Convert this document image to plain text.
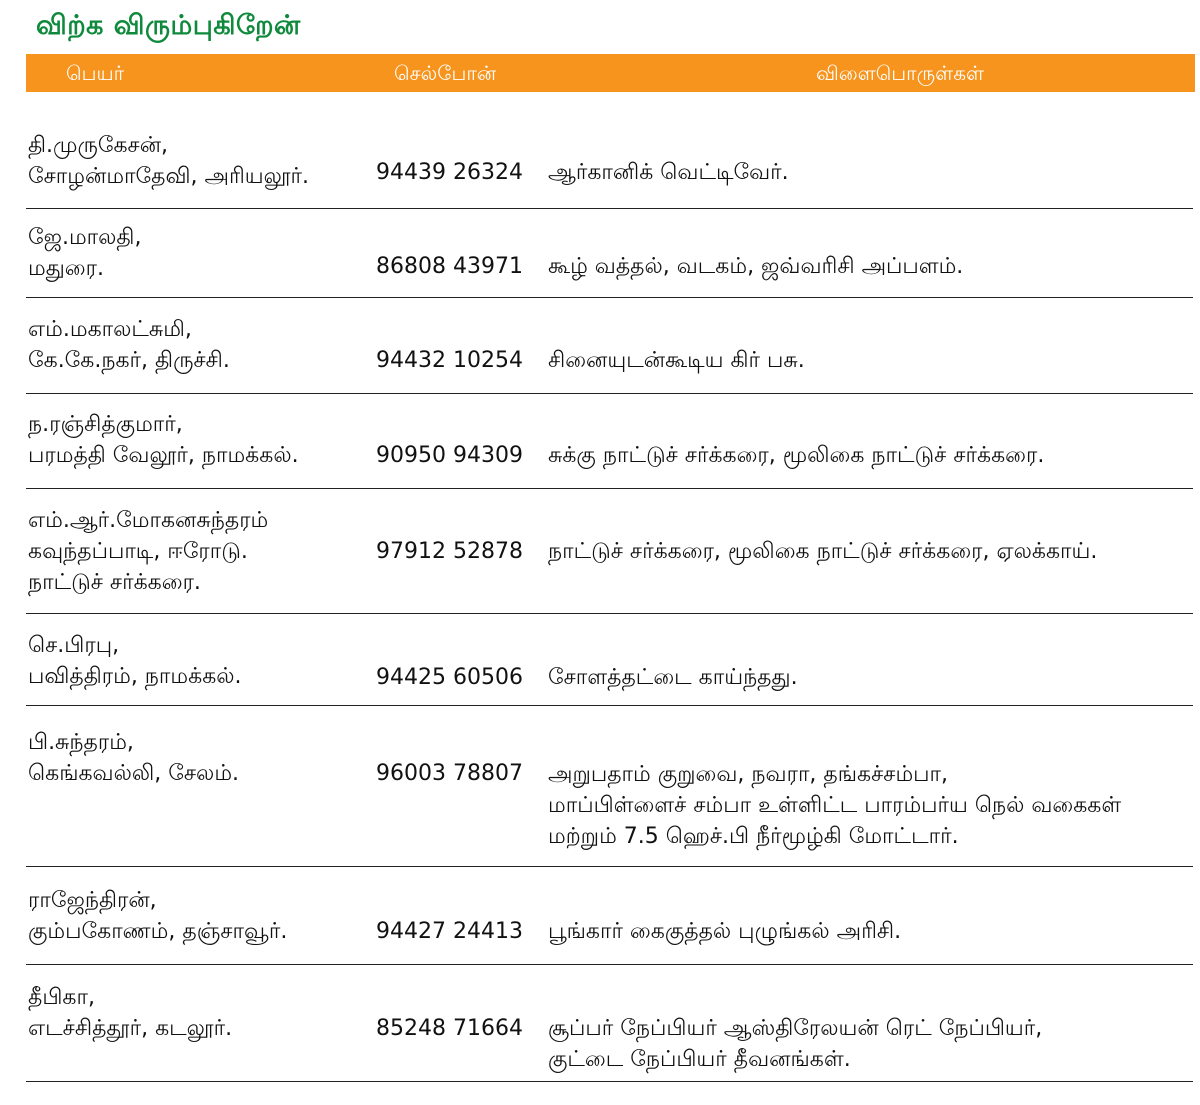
விற்க விரும்புகிறேன்
பெயர்	செல்போன்	விளைபொருள்கள்
தி.முருகேசன்,
சோழன்மாதேவி, அரியலூர்.	94439 26324	ஆர்கானிக் வெட்டிவேர்.
ஜே.மாலதி,
மதுரை.	86808 43971	கூழ் வத்தல், வடகம், ஜவ்வரிசி அப்பளம்.
எம்.மகாலட்சுமி,
கே.கே.நகர், திருச்சி.	94432 10254	சினையுடன்கூடிய கிர் பசு.
ந.ரஞ்சித்குமார்,
பரமத்தி வேலூர், நாமக்கல்.	90950 94309	சுக்கு நாட்டுச் சர்க்கரை, மூலிகை நாட்டுச் சர்க்கரை.
எம்.ஆர்.மோகனசுந்தரம்
கவுந்தப்பாடி, ஈரோடு.
நாட்டுச் சர்க்கரை.
97912 52878	நாட்டுச் சர்க்கரை, மூலிகை நாட்டுச் சர்க்கரை, ஏலக்காய்.
செ.பிரபு,
பவித்திரம், நாமக்கல்.	94425 60506	சோளத்தட்டை காய்ந்தது.
பி.சுந்தரம்,
கெங்கவல்லி, சேலம்.	96003 78807	அறுபதாம் குறுவை, நவரா, தங்கச்சம்பா,
மாப்பிள்ளைச் சம்பா உள்ளிட்ட பாரம்பர்ய நெல் வகைகள்
மற்றும் 7.5 ஹெச்.பி நீர்மூழ்கி மோட்டார்.
ராஜேந்திரன்,
கும்பகோணம், தஞ்சாவூர்.	94427 24413	பூங்கார் கைகுத்தல் புழுங்கல் அரிசி.
தீபிகா,
எடச்சித்தூர், கடலூர்.	85248 71664	சூப்பர் நேப்பியர் ஆஸ்திரேலயன் ரெட் நேப்பியர்,
குட்டை நேப்பியர் தீவனங்கள்.
